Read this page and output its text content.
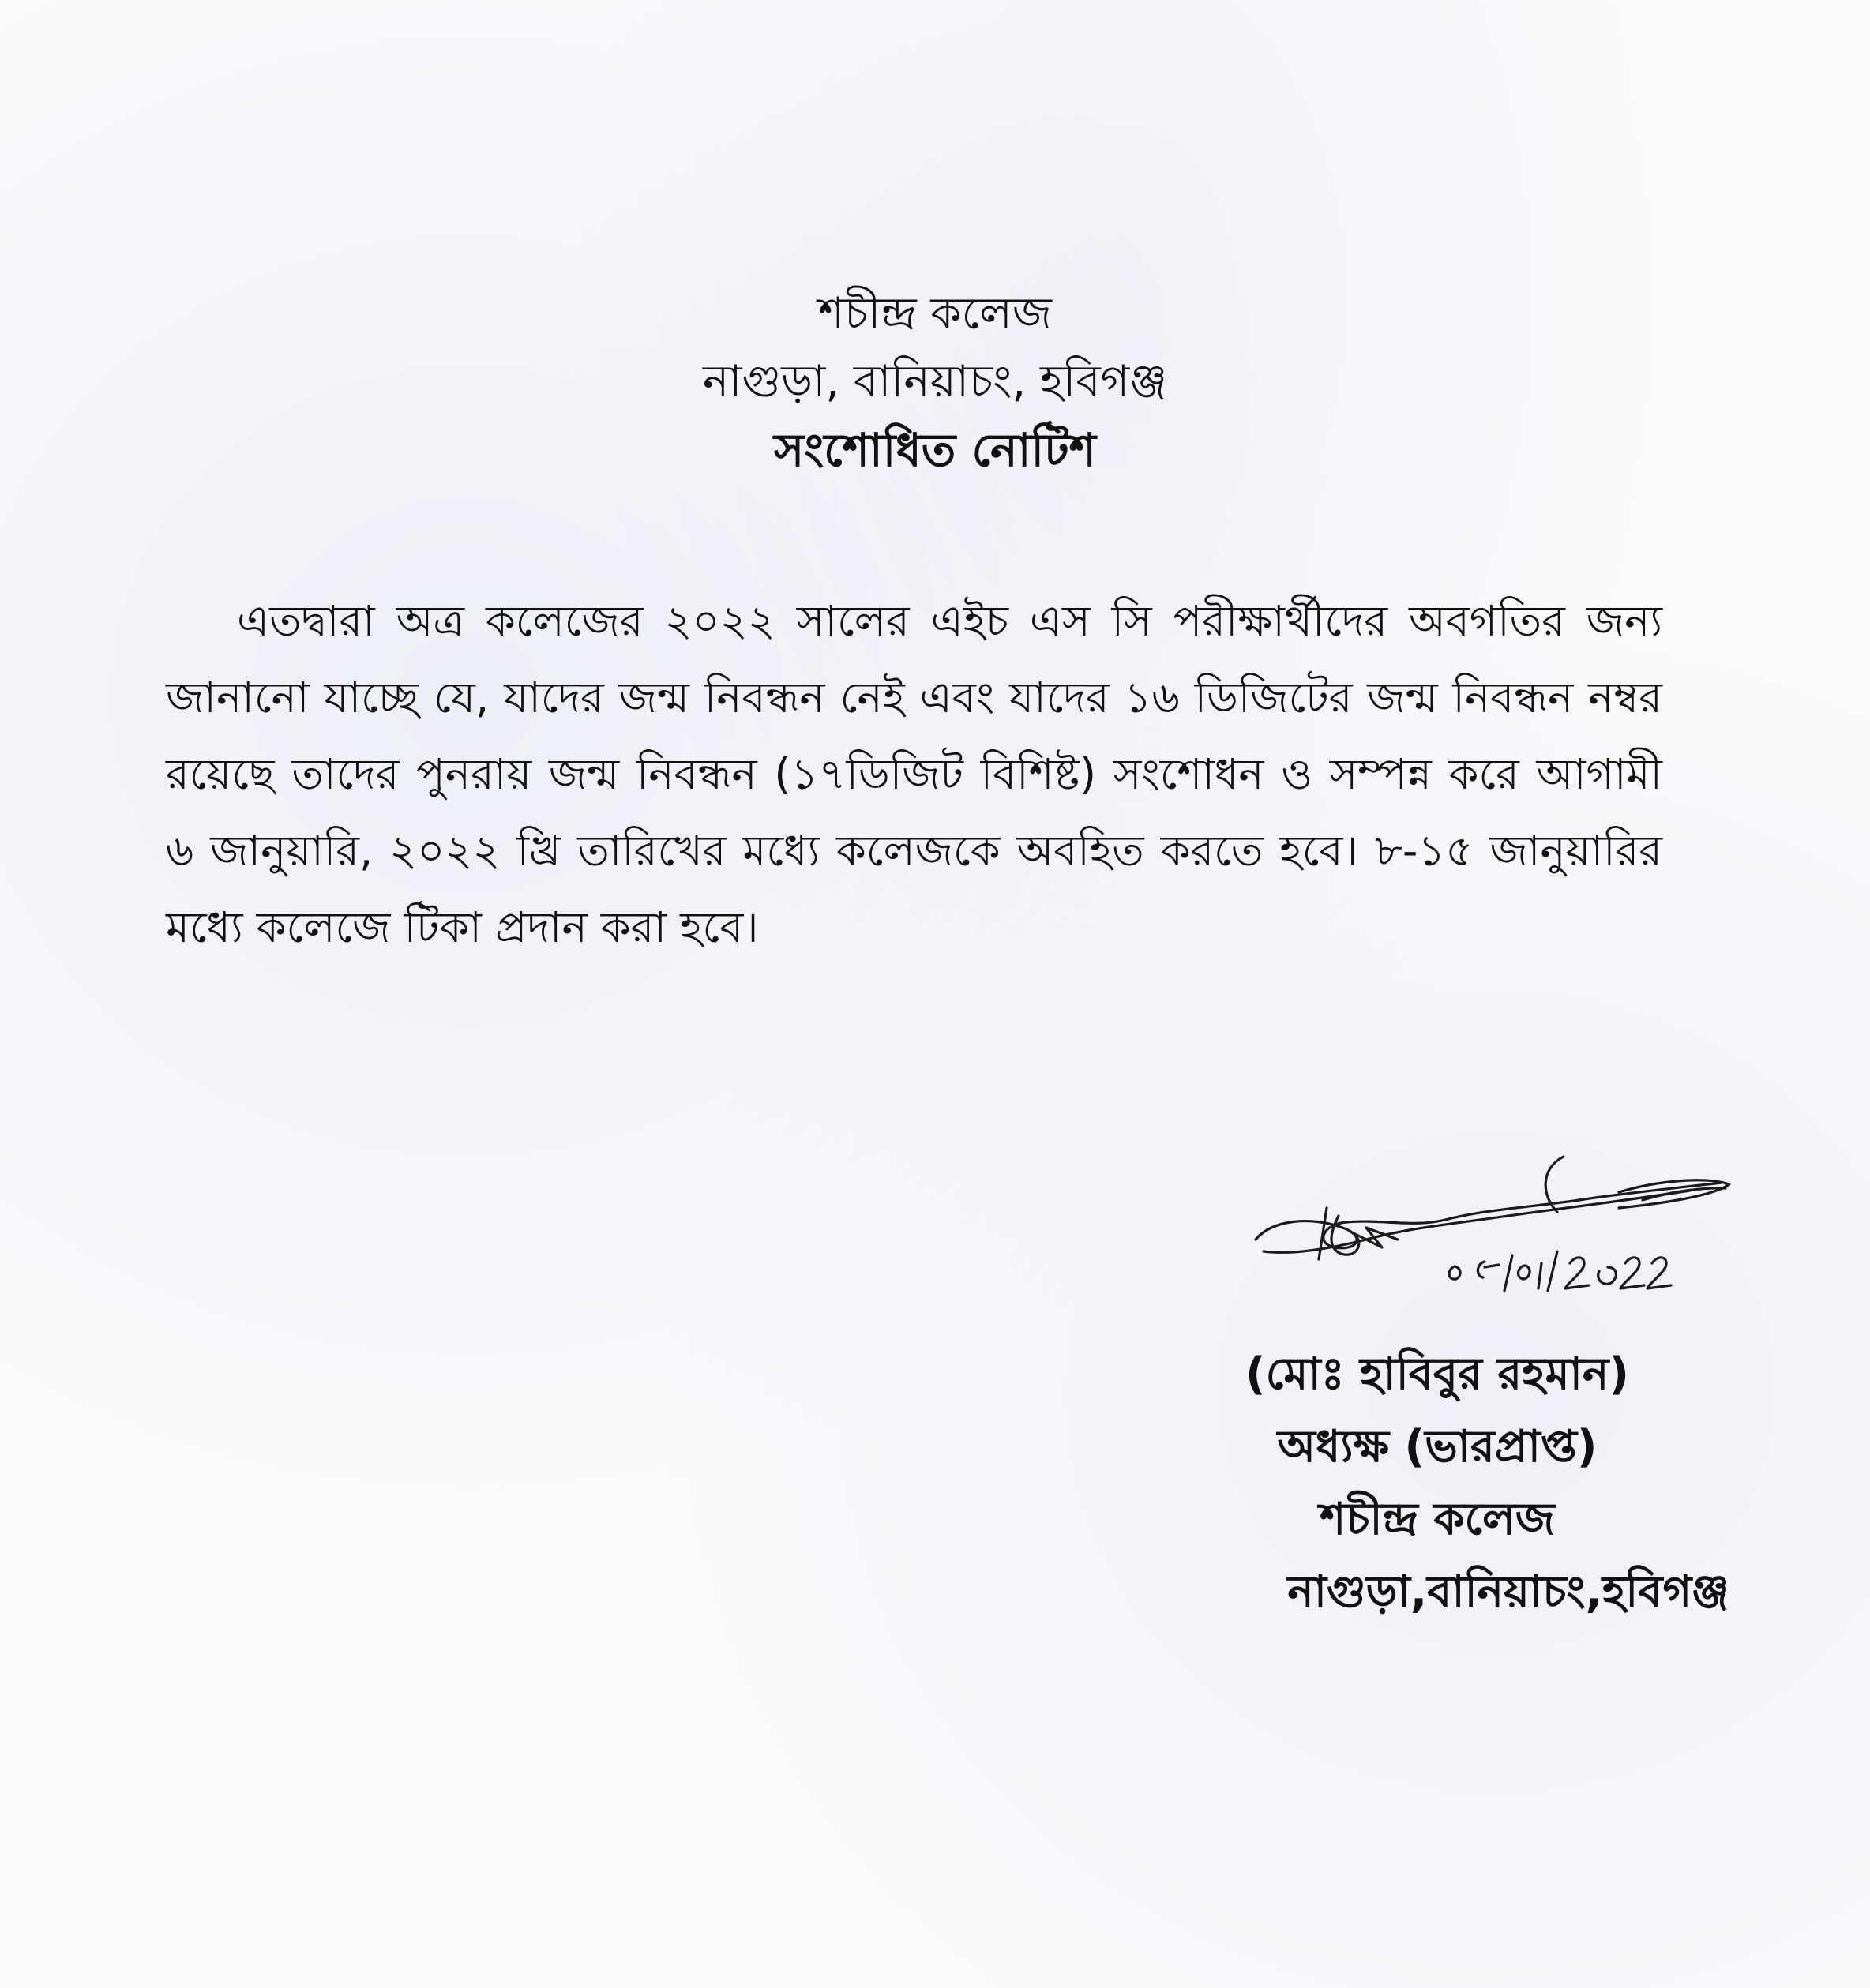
শচীন্দ্র কলেজ
নাগুড়া, বানিয়াচং, হবিগঞ্জ
সংশোধিত নোটিশ
এতদ্বারা অত্র কলেজের ২০২২ সালের এইচ এস সি পরীক্ষার্থীদের অবগতির জন্য জানানো যাচ্ছে যে, যাদের জন্ম নিবন্ধন নেই এবং যাদের ১৬ ডিজিটের জন্ম নিবন্ধন নম্বর রয়েছে তাদের পুনরায় জন্ম নিবন্ধন (১৭ডিজিট বিশিষ্ট) সংশোধন ও সম্পন্ন করে আগামী ৬ জানুয়ারি, ২০২২ খ্রি তারিখের মধ্যে কলেজকে অবহিত করতে হবে। ৮-১৫ জানুয়ারির মধ্যে কলেজে টিকা প্রদান করা হবে।
(মোঃ হাবিবুর রহমান)
অধ্যক্ষ (ভারপ্রাপ্ত)
শচীন্দ্র কলেজ
নাগুড়া,বানিয়াচং,হবিগঞ্জ
